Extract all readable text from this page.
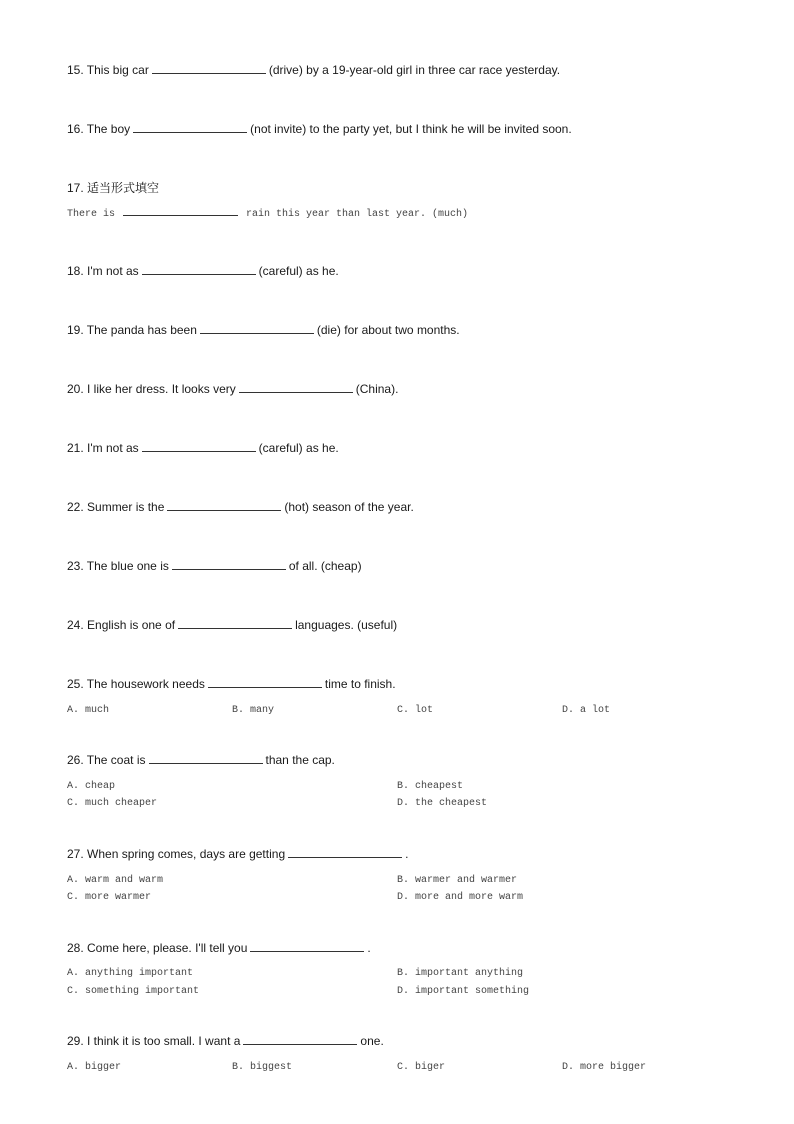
15. This big car	(drive) by a 19-year-old girl in three car race yesterday.
16. The boy	(not invite) to the party yet, but I think he will be invited soon.
17. 适当形式填空
There is	rain this year than last year. (much)
18. I'm not as	(careful) as he.
19. The panda has been	(die) for about two months.
20. I like her dress. It looks very	(China).
21. I'm not as	(careful) as he.
22. Summer is the	(hot) season of the year.
23. The blue one is	of all. (cheap)
24. English is one of	languages. (useful)
25. The housework needs	time to finish.
A. much	B. many	C. lot	D. a lot
26. The coat is	than the cap.
A. cheap	B. cheapest
C. much cheaper	D. the cheapest
27. When spring comes, days are getting	.
A. warm and warm	B. warmer and warmer
C. more warmer	D. more and more warm
28. Come here, please. I'll tell you	.
A. anything important	B. important anything
C. something important	D. important something
29. I think it is too small. I want a	one.
A. bigger	B. biggest	C. biger	D. more bigger
